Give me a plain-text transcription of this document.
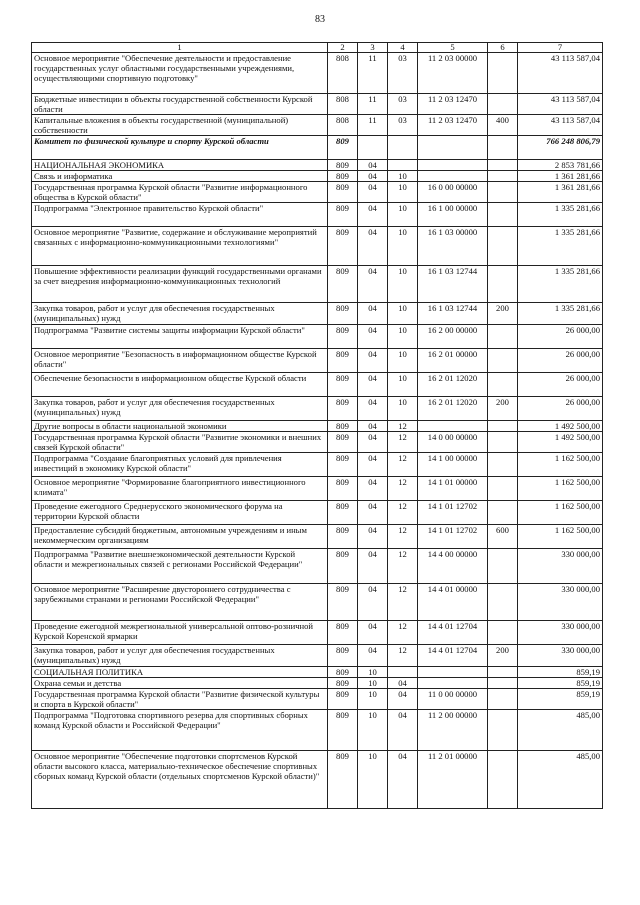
83
1	2	3	4	5	6	7
Основное мероприятие "Обеспечение деятельности и предоставление государственных услуг областными государственными учреждениями, осуществляющими спортивную подготовку"	808	11	03	11 2 03 00000		43 113 587,04
Бюджетные инвестиции в объекты государственной собственности Курской области	808	11	03	11 2 03 12470		43 113 587,04
Капитальные вложения в объекты государственной (муниципальной) собственности	808	11	03	11 2 03 12470	400	43 113 587,04
Комитет по физической культуре и спорту Курской области	809					766 248 806,79
НАЦИОНАЛЬНАЯ ЭКОНОМИКА	809	04				2 853 781,66
Связь и информатика	809	04	10			1 361 281,66
Государственная программа Курской области "Развитие информационного общества в Курской области"	809	04	10	16 0 00 00000		1 361 281,66
Подпрограмма "Электронное правительство Курской области"	809	04	10	16 1 00 00000		1 335 281,66
Основное мероприятие "Развитие, содержание и обслуживание мероприятий связанных с информационно-коммуникационными технологиями"	809	04	10	16 1 03 00000		1 335 281,66
Повышение эффективности реализации функций государственными органами за счет внедрения информационно-коммуникационных технологий	809	04	10	16 1 03 12744		1 335 281,66
Закупка товаров, работ и услуг для обеспечения государственных (муниципальных) нужд	809	04	10	16 1 03 12744	200	1 335 281,66
Подпрограмма "Развитие системы защиты информации Курской области"	809	04	10	16 2 00 00000		26 000,00
Основное мероприятие "Безопасность в информационном обществе Курской области"	809	04	10	16 2 01 00000		26 000,00
Обеспечение безопасности в информационном обществе Курской области	809	04	10	16 2 01 12020		26 000,00
Закупка товаров, работ и услуг для обеспечения государственных (муниципальных) нужд	809	04	10	16 2 01 12020	200	26 000,00
Другие вопросы в области национальной экономики	809	04	12			1 492 500,00
Государственная программа Курской области "Развитие экономики и внешних связей Курской области"	809	04	12	14 0 00 00000		1 492 500,00
Подпрограмма "Создание благоприятных условий для привлечения инвестиций в экономику Курской области"	809	04	12	14 1 00 00000		1 162 500,00
Основное мероприятие "Формирование благоприятного инвестиционного климата"	809	04	12	14 1 01 00000		1 162 500,00
Проведение ежегодного Среднерусского экономического форума на территории Курской области	809	04	12	14 1 01 12702		1 162 500,00
Предоставление субсидий бюджетным, автономным учреждениям и иным некоммерческим организациям	809	04	12	14 1 01 12702	600	1 162 500,00
Подпрограмма "Развитие внешнеэкономической деятельности Курской области и межрегиональных связей с регионами Российской Федерации"	809	04	12	14 4 00 00000		330 000,00
Основное мероприятие "Расширение двустороннего сотрудничества с зарубежными странами и регионами Российской Федерации"	809	04	12	14 4 01 00000		330 000,00
Проведение ежегодной межрегиональной универсальной оптово-розничной Курской Коренской ярмарки	809	04	12	14 4 01 12704		330 000,00
Закупка товаров, работ и услуг для обеспечения государственных (муниципальных) нужд	809	04	12	14 4 01 12704	200	330 000,00
СОЦИАЛЬНАЯ ПОЛИТИКА	809	10				859,19
Охрана семьи и детства	809	10	04			859,19
Государственная программа Курской области "Развитие физической культуры и спорта в Курской области"	809	10	04	11 0 00 00000		859,19
Подпрограмма "Подготовка спортивного резерва для спортивных сборных команд Курской области и Российской Федерации"	809	10	04	11 2 00 00000		485,00
Основное мероприятие "Обеспечение подготовки спортсменов Курской области высокого класса, материально-техническое обеспечение спортивных сборных команд Курской области (отдельных спортсменов Курской области)"	809	10	04	11 2 01 00000		485,00
